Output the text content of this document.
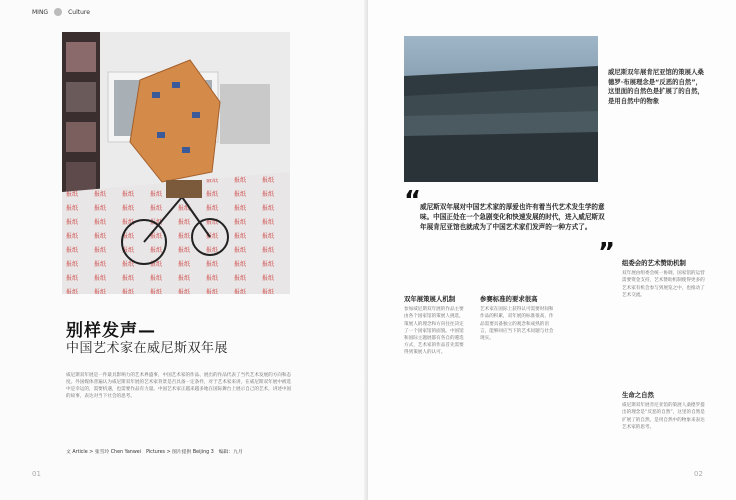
MING	Culture
别样发声—
中国艺术家在威尼斯双年展
威尼斯双年展是一件最具影响力的艺术界盛事，中国艺术家的作品、展出的作品代表了当代艺术发展的方向和态度。外国媒体普遍认为威尼斯双年展的艺术家背景是否具备一定条件，对于艺术家来讲，在威尼斯双年展中被选中是幸运的，需要机遇，也需要作品有力量。中国艺术家正越来越多地在国际舞台上展示自己的艺术，讲述中国的故事，表达对当下社会的思考。
文 Article > 张雪玲 Chen Yanwei Pictures > 图片提供 Beijing 3 编辑：九月
01
威尼斯双年展肯尼亚馆的策展人桑德罗·布展理念是“反恶的自然”，这里面的自然色是扩展了的自然，是用自然中的物象
“
威尼斯双年展对中国艺术家的厚爱也许有着当代艺术发生学的意味。中国正处在一个急剧变化和快速发展的时代，进入威尼斯双年展肯尼亚馆也就成为了中国艺术家们发声的一种方式了。
”
双年展策展人机制
参加威尼斯双年展的作品主要由各个国家馆的策展人挑选，策展人的理念和方向往往决定了一个国家馆的面貌。中国馆和国际主题展都有各自的遴选方式，艺术家的作品首先需要得到策展人的认可。
参赛标准的要求很高
艺术家在国际上获得认可需要时间和作品的积累，双年展的标准很高，作品需要具备独立的观念和成熟的语言，能够回应当下的艺术问题与社会现实。
组委会的艺术赞助机制
双年展由组委会统一协调，国家馆的运营需要资金支持，艺术赞助机制使得更多的艺术家有机会参与到展览之中，也推动了艺术交流。
生命之自然
威尼斯双年展肯尼亚馆的策展人桑德罗提出的理念是“反恶的自然”，这里的自然是扩展了的自然，是用自然中的物象来表达艺术家的思考。
02
